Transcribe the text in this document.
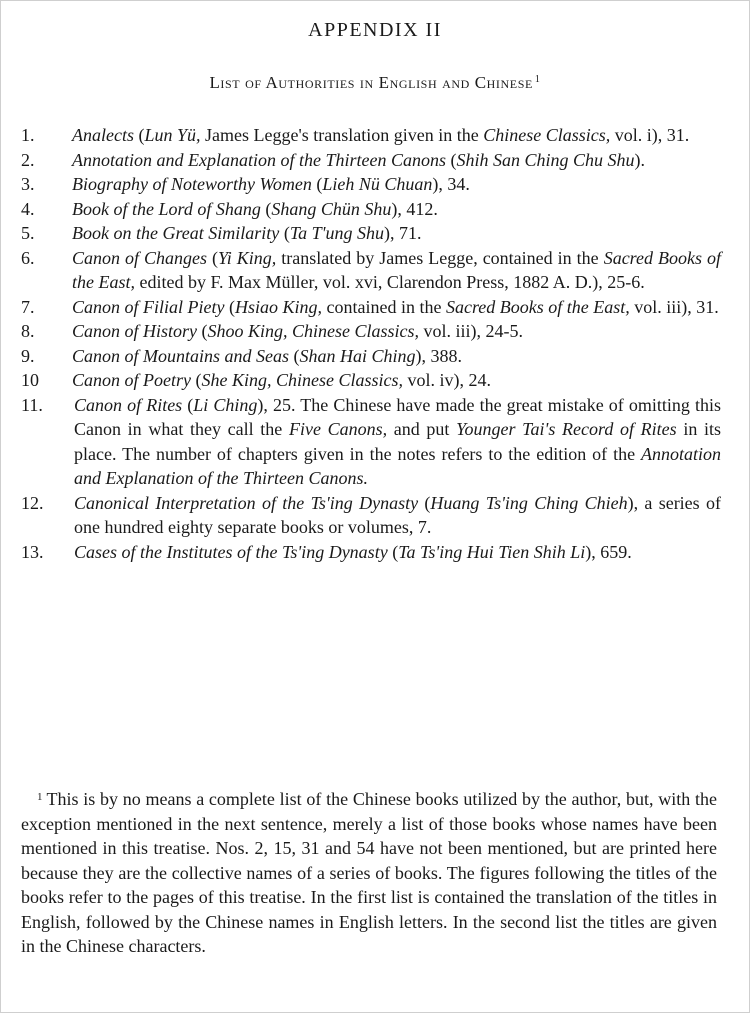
APPENDIX II
List of Authorities in English and Chinese $^1$
1.	Analects (Lun Yü, James Legge's translation given in the Chinese Classics, vol. i), 31.
2.	Annotation and Explanation of the Thirteen Canons (Shih San Ching Chu Shu).
3.	Biography of Noteworthy Women (Lieh Nü Chuan), 34.
4.	Book of the Lord of Shang (Shang Chün Shu), 412.
5.	Book on the Great Similarity (Ta T'ung Shu), 71.
6.	Canon of Changes (Yi King, translated by James Legge, contained in the Sacred Books of the East, edited by F. Max Müller, vol. xvi, Clarendon Press, 1882 A. D.), 25-6.
7.	Canon of Filial Piety (Hsiao King, contained in the Sacred Books of the East, vol. iii), 31.
8.	Canon of History (Shoo King, Chinese Classics, vol. iii), 24-5.
9.	Canon of Mountains and Seas (Shan Hai Ching), 388.
10	Canon of Poetry (She King, Chinese Classics, vol. iv), 24.
11.	Canon of Rites (Li Ching), 25. The Chinese have made the great mistake of omitting this Canon in what they call the Five Canons, and put Younger Tai's Record of Rites in its place. The number of chapters given in the notes refers to the edition of the Annotation and Explanation of the Thirteen Canons.
12.	Canonical Interpretation of the Ts'ing Dynasty (Huang Ts'ing Ching Chieh), a series of one hundred eighty separate books or volumes, 7.
13.	Cases of the Institutes of the Ts'ing Dynasty (Ta Ts'ing Hui Tien Shih Li), 659.

$^1$ This is by no means a complete list of the Chinese books utilized by the author, but, with the exception mentioned in the next sentence, merely a list of those books whose names have been mentioned in this treatise. Nos. 2, 15, 31 and 54 have not been mentioned, but are printed here because they are the collective names of a series of books. The figures following the titles of the books refer to the pages of this treatise. In the first list is contained the translation of the titles in English, followed by the Chinese names in English letters. In the second list the titles are given in the Chinese characters.
